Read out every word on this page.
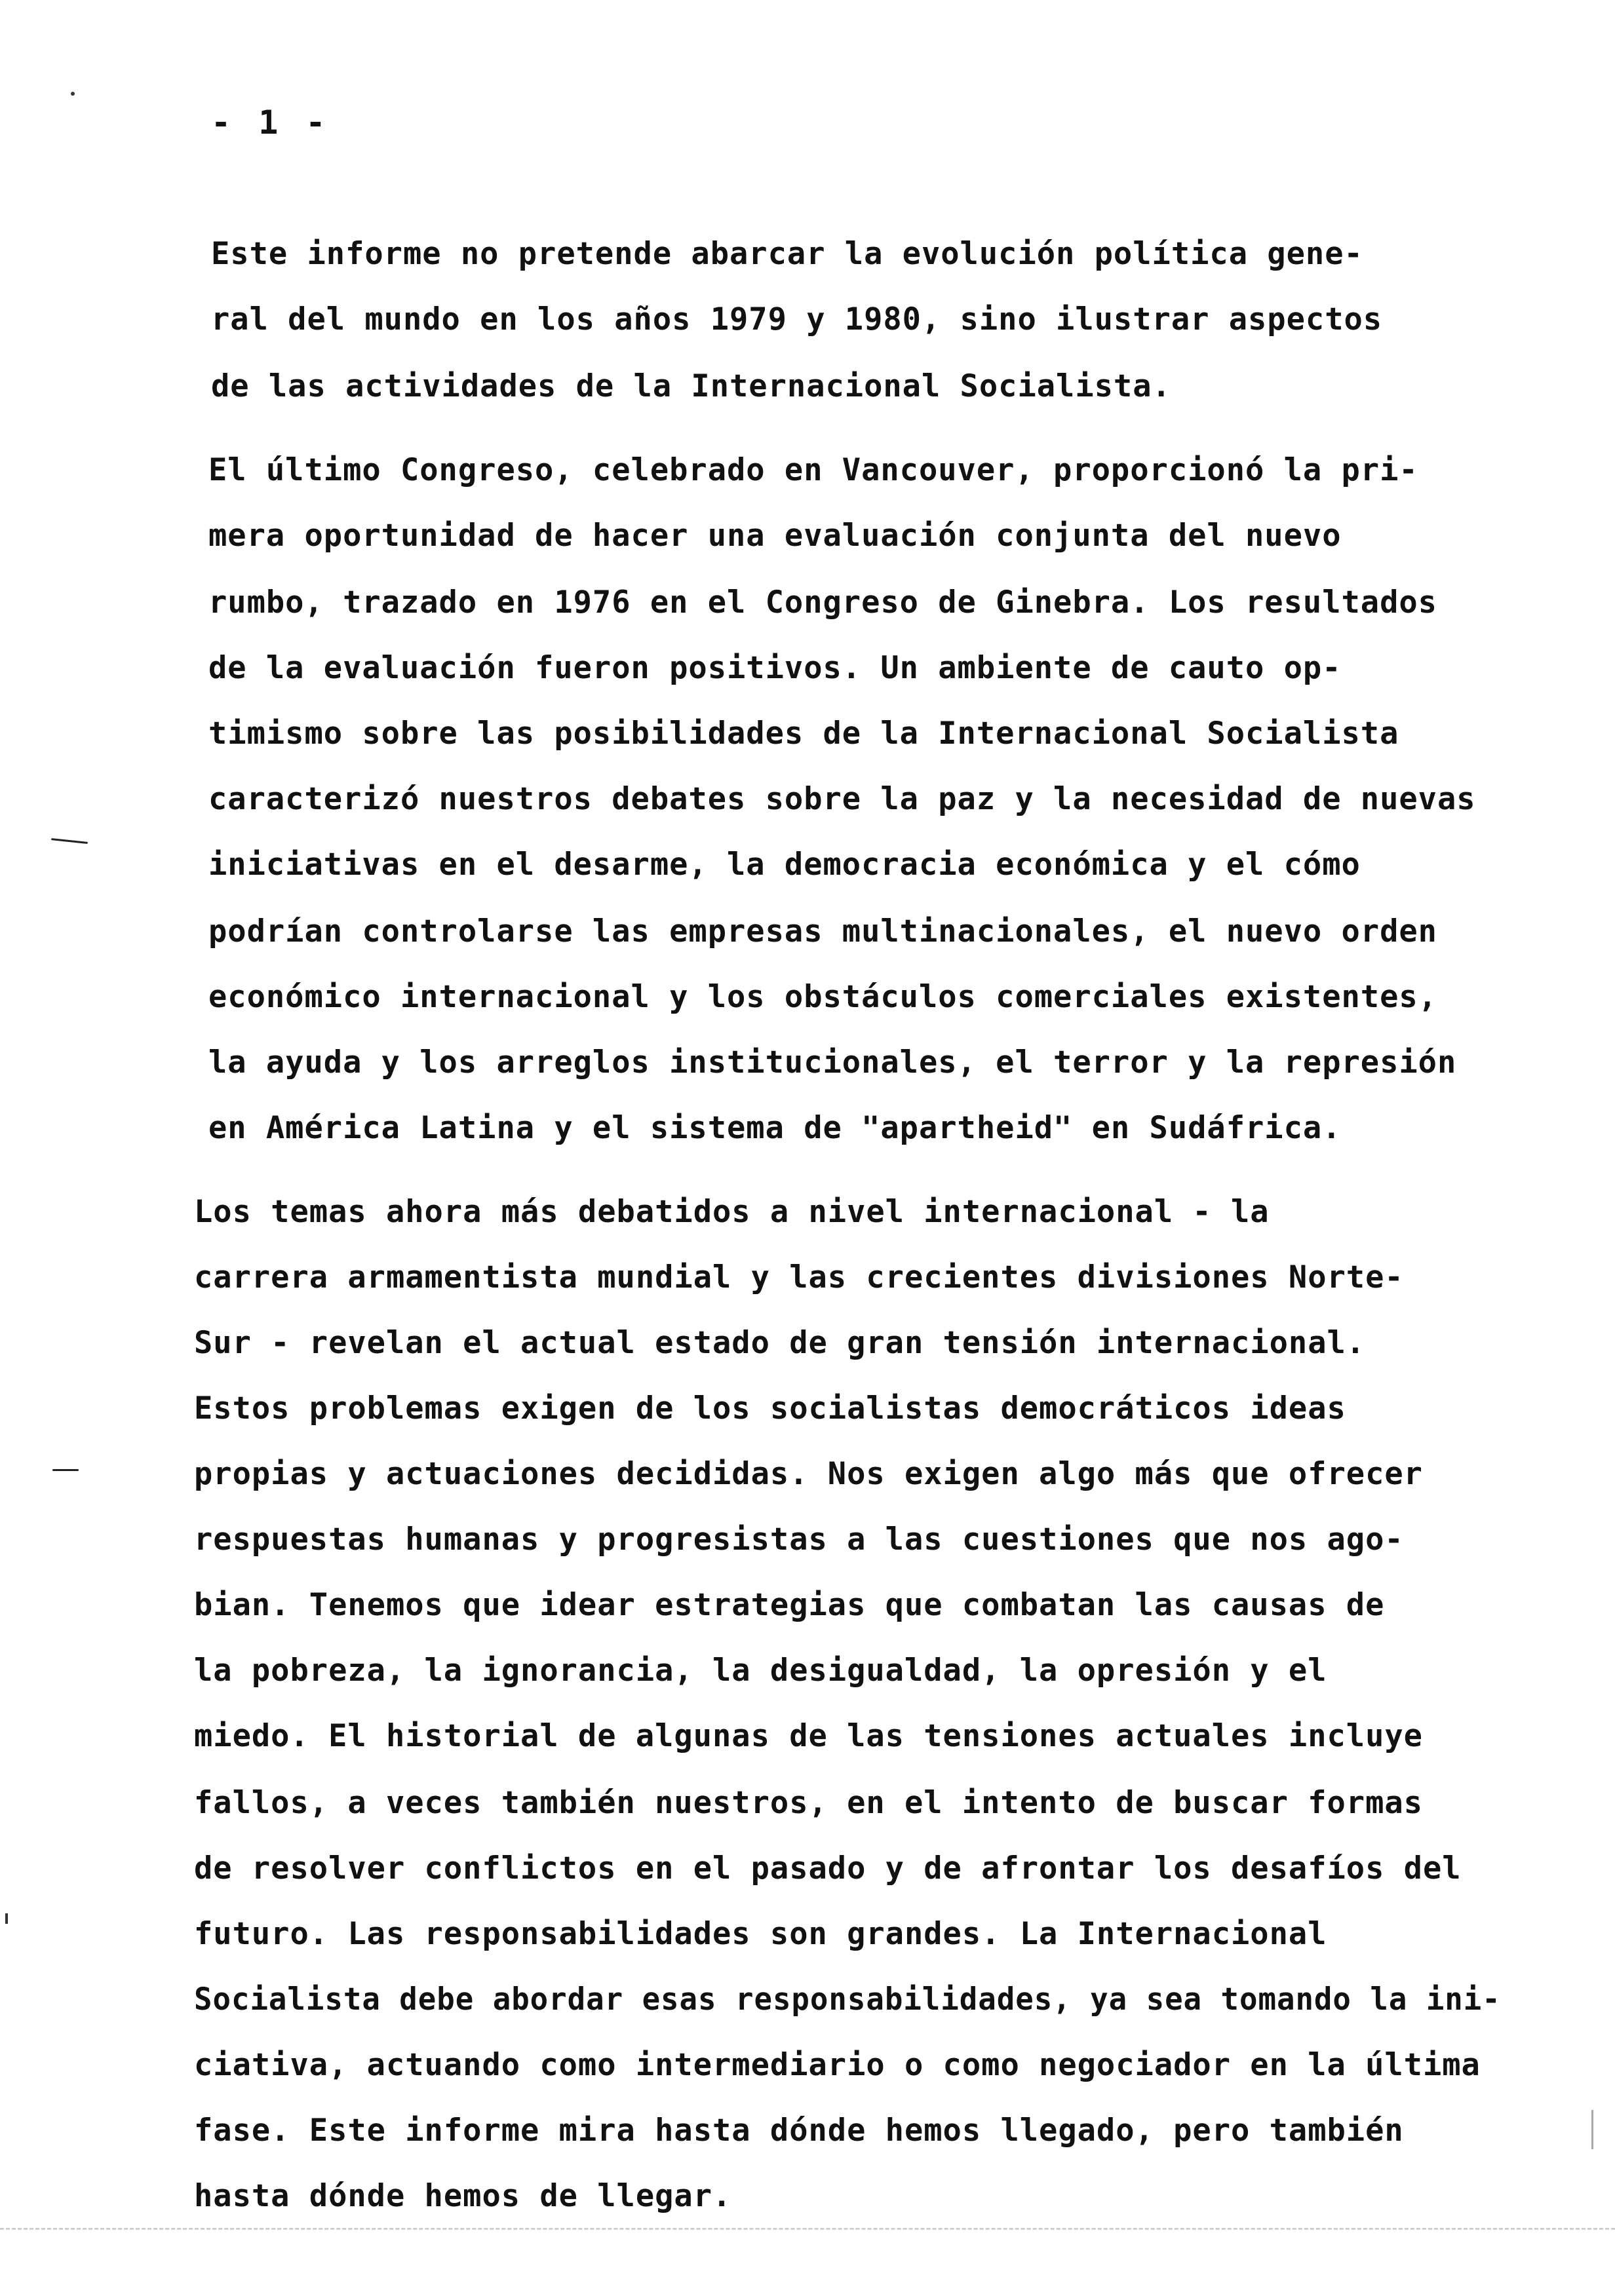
- 1 -
Este informe no pretende abarcar la evolución política gene-
ral del mundo en los años 1979 y 1980, sino ilustrar aspectos
de las actividades de la Internacional Socialista.
El último Congreso, celebrado en Vancouver, proporcionó la pri-
mera oportunidad de hacer una evaluación conjunta del nuevo
rumbo, trazado en 1976 en el Congreso de Ginebra. Los resultados
de la evaluación fueron positivos. Un ambiente de cauto op-
timismo sobre las posibilidades de la Internacional Socialista
caracterizó nuestros debates sobre la paz y la necesidad de nuevas
iniciativas en el desarme, la democracia económica y el cómo
podrían controlarse las empresas multinacionales, el nuevo orden
económico internacional y los obstáculos comerciales existentes,
la ayuda y los arreglos institucionales, el terror y la represión
en América Latina y el sistema de "apartheid" en Sudáfrica.
Los temas ahora más debatidos a nivel internacional - la
carrera armamentista mundial y las crecientes divisiones Norte-
Sur - revelan el actual estado de gran tensión internacional.
Estos problemas exigen de los socialistas democráticos ideas
propias y actuaciones decididas. Nos exigen algo más que ofrecer
respuestas humanas y progresistas a las cuestiones que nos ago-
bian. Tenemos que idear estrategias que combatan las causas de
la pobreza, la ignorancia, la desigualdad, la opresión y el
miedo. El historial de algunas de las tensiones actuales incluye
fallos, a veces también nuestros, en el intento de buscar formas
de resolver conflictos en el pasado y de afrontar los desafíos del
futuro. Las responsabilidades son grandes. La Internacional
Socialista debe abordar esas responsabilidades, ya sea tomando la ini-
ciativa, actuando como intermediario o como negociador en la última
fase. Este informe mira hasta dónde hemos llegado, pero también
hasta dónde hemos de llegar.
